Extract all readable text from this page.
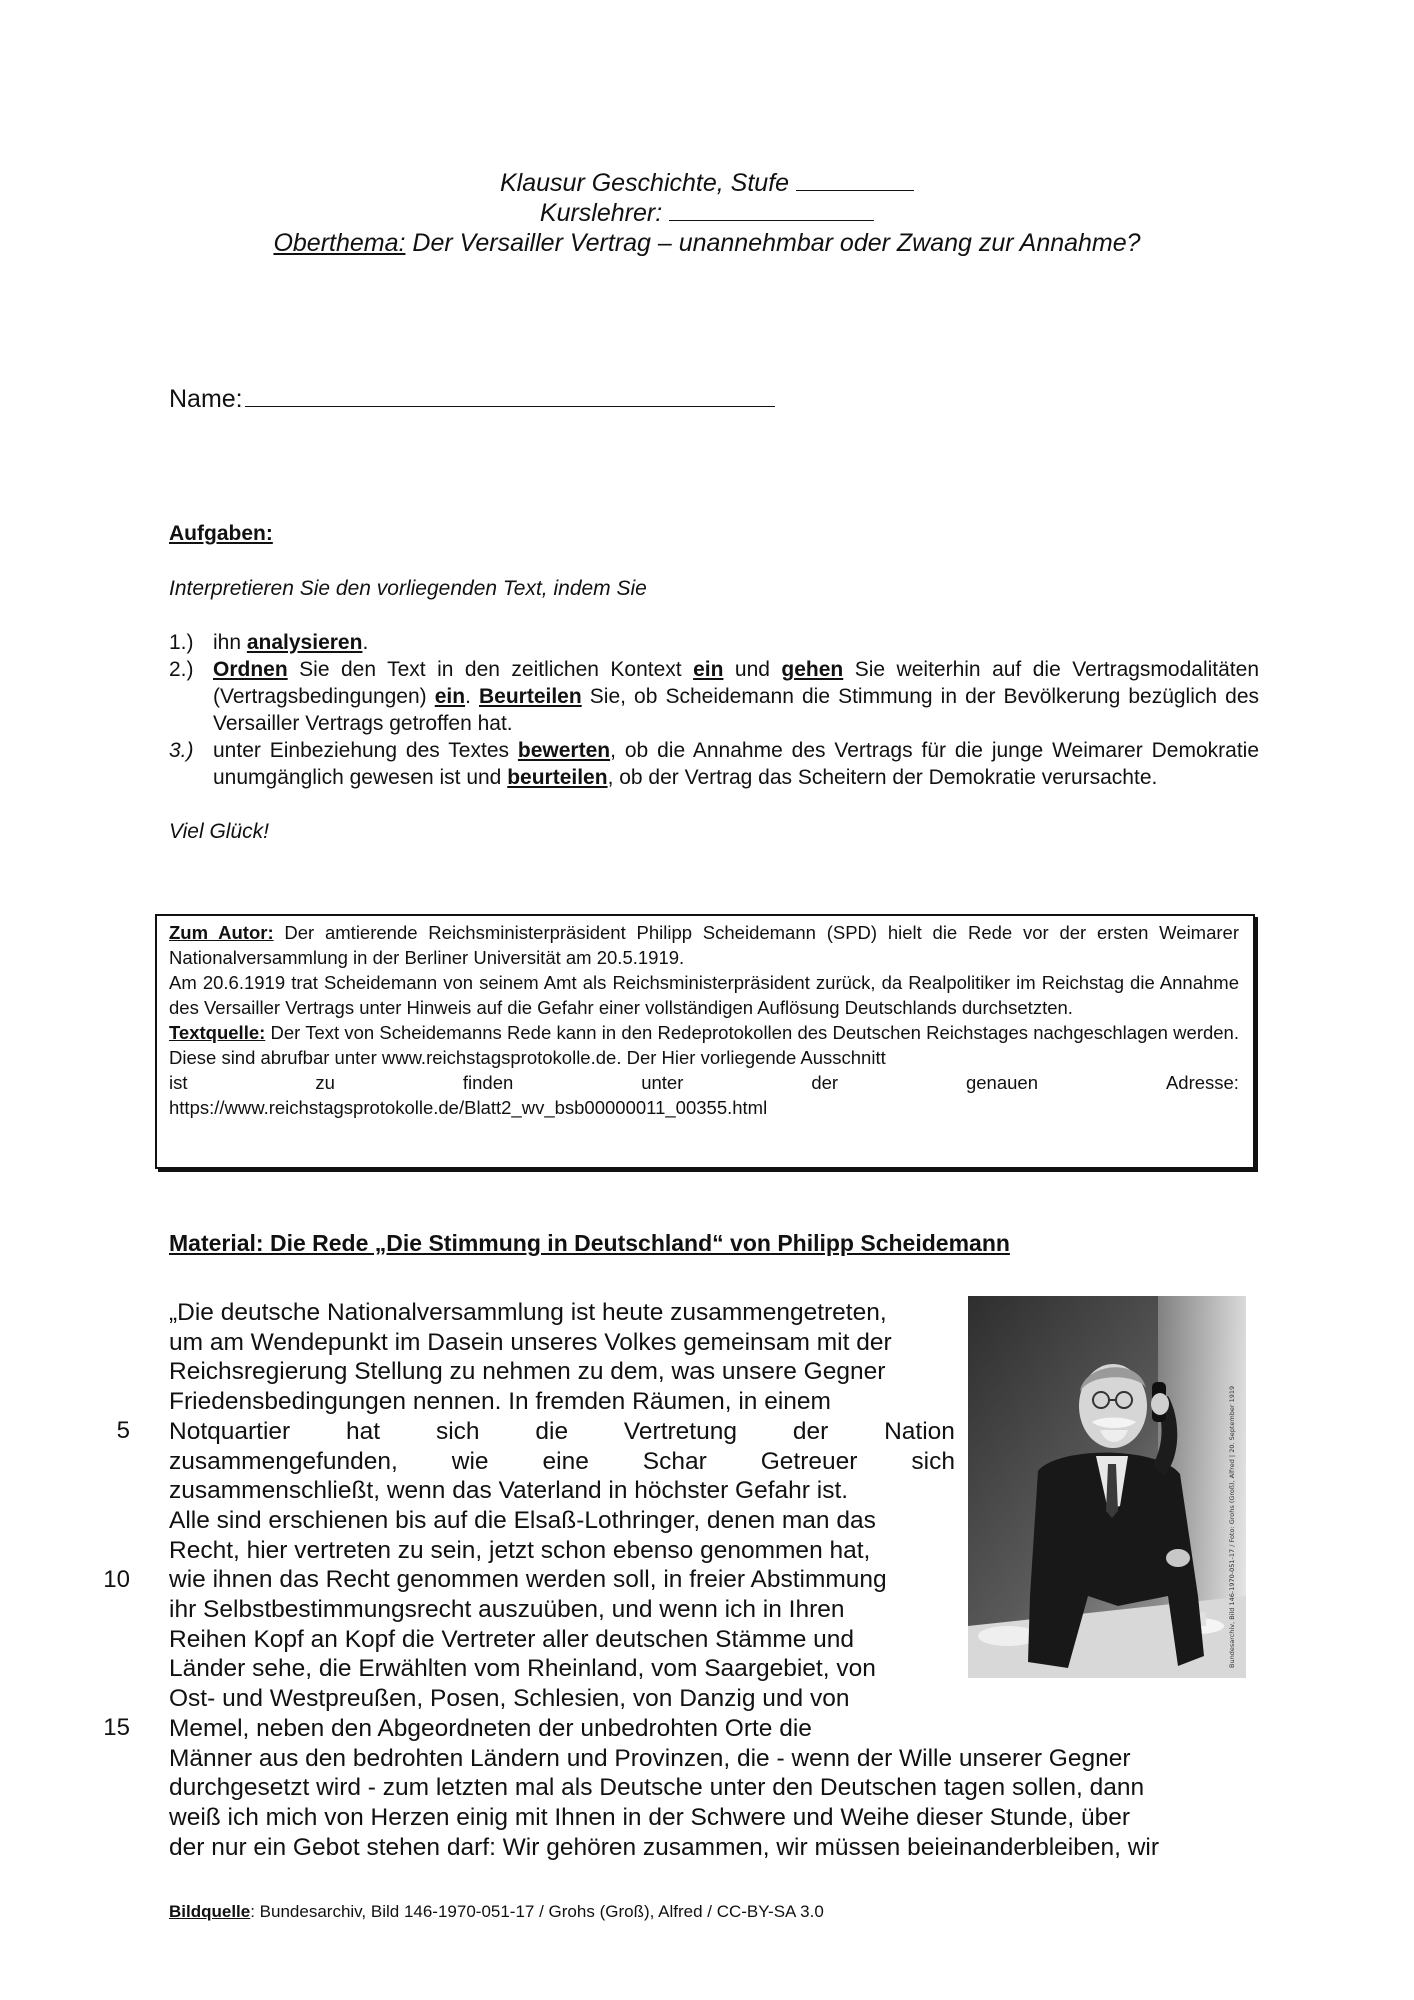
Klausur Geschichte, Stufe
Kurslehrer:
Oberthema: Der Versailler Vertrag – unannehmbar oder Zwang zur Annahme?
Name:

Aufgaben:

Interpretieren Sie den vorliegenden Text, indem Sie

1.) ihn analysieren.
2.) Ordnen Sie den Text in den zeitlichen Kontext ein und gehen Sie weiterhin auf die Vertragsmodalitäten (Vertragsbedingungen) ein. Beurteilen Sie, ob Scheidemann die Stimmung in der Bevölkerung bezüglich des Versailler Vertrags getroffen hat.
3.) unter Einbeziehung des Textes bewerten, ob die Annahme des Vertrags für die junge Weimarer Demokratie unumgänglich gewesen ist und beurteilen, ob der Vertrag das Scheitern der Demokratie verursachte.

Viel Glück!

Zum Autor: Der amtierende Reichsministerpräsident Philipp Scheidemann (SPD) hielt die Rede vor der ersten Weimarer Nationalversammlung in der Berliner Universität am 20.5.1919.

Am 20.6.1919 trat Scheidemann von seinem Amt als Reichsministerpräsident zurück, da Realpolitiker im Reichstag die Annahme des Versailler Vertrags unter Hinweis auf die Gefahr einer vollständigen Auflösung Deutschlands durchsetzten.

Textquelle: Der Text von Scheidemanns Rede kann in den Redeprotokollen des Deutschen Reichstages nachgeschlagen werden. Diese sind abrufbar unter www.reichstagsprotokolle.de. Der Hier vorliegende Ausschnitt

ist	zu	finden	unter	der	genauen	Adresse:

https://www.reichstagsprotokolle.de/Blatt2_wv_bsb00000011_00355.html

Material: Die Rede „Die Stimmung in Deutschland“ von Philipp Scheidemann
„Die deutsche Nationalversammlung ist heute zusammengetreten,
um am Wendepunkt im Dasein unseres Volkes gemeinsam mit der
Reichsregierung Stellung zu nehmen zu dem, was unsere Gegner
Friedensbedingungen nennen. In fremden Räumen, in einem
Notquartier hat sich die Vertretung der Nation
zusammengefunden, wie eine Schar Getreuer sich
zusammenschließt, wenn das Vaterland in höchster Gefahr ist.
Alle sind erschienen bis auf die Elsaß-Lothringer, denen man das
Recht, hier vertreten zu sein, jetzt schon ebenso genommen hat,
wie ihnen das Recht genommen werden soll, in freier Abstimmung
ihr Selbstbestimmungsrecht auszuüben, und wenn ich in Ihren
Reihen Kopf an Kopf die Vertreter aller deutschen Stämme und
Länder sehe, die Erwählten vom Rheinland, vom Saargebiet, von
Ost- und Westpreußen, Posen, Schlesien, von Danzig und von
Memel, neben den Abgeordneten der unbedrohten Orte die
Männer aus den bedrohten Ländern und Provinzen, die - wenn der Wille unserer Gegner
durchgesetzt wird - zum letzten mal als Deutsche unter den Deutschen tagen sollen, dann
weiß ich mich von Herzen einig mit Ihnen in der Schwere und Weihe dieser Stunde, über
der nur ein Gebot stehen darf: Wir gehören zusammen, wir müssen beieinanderbleiben, wir
5
10
15
Bundesarchiv, Bild 146-1970-051-17 / Foto: Grohs (Groß), Alfred | 20. September 1919
Bildquelle: Bundesarchiv, Bild 146-1970-051-17 / Grohs (Groß), Alfred / CC-BY-SA 3.0
